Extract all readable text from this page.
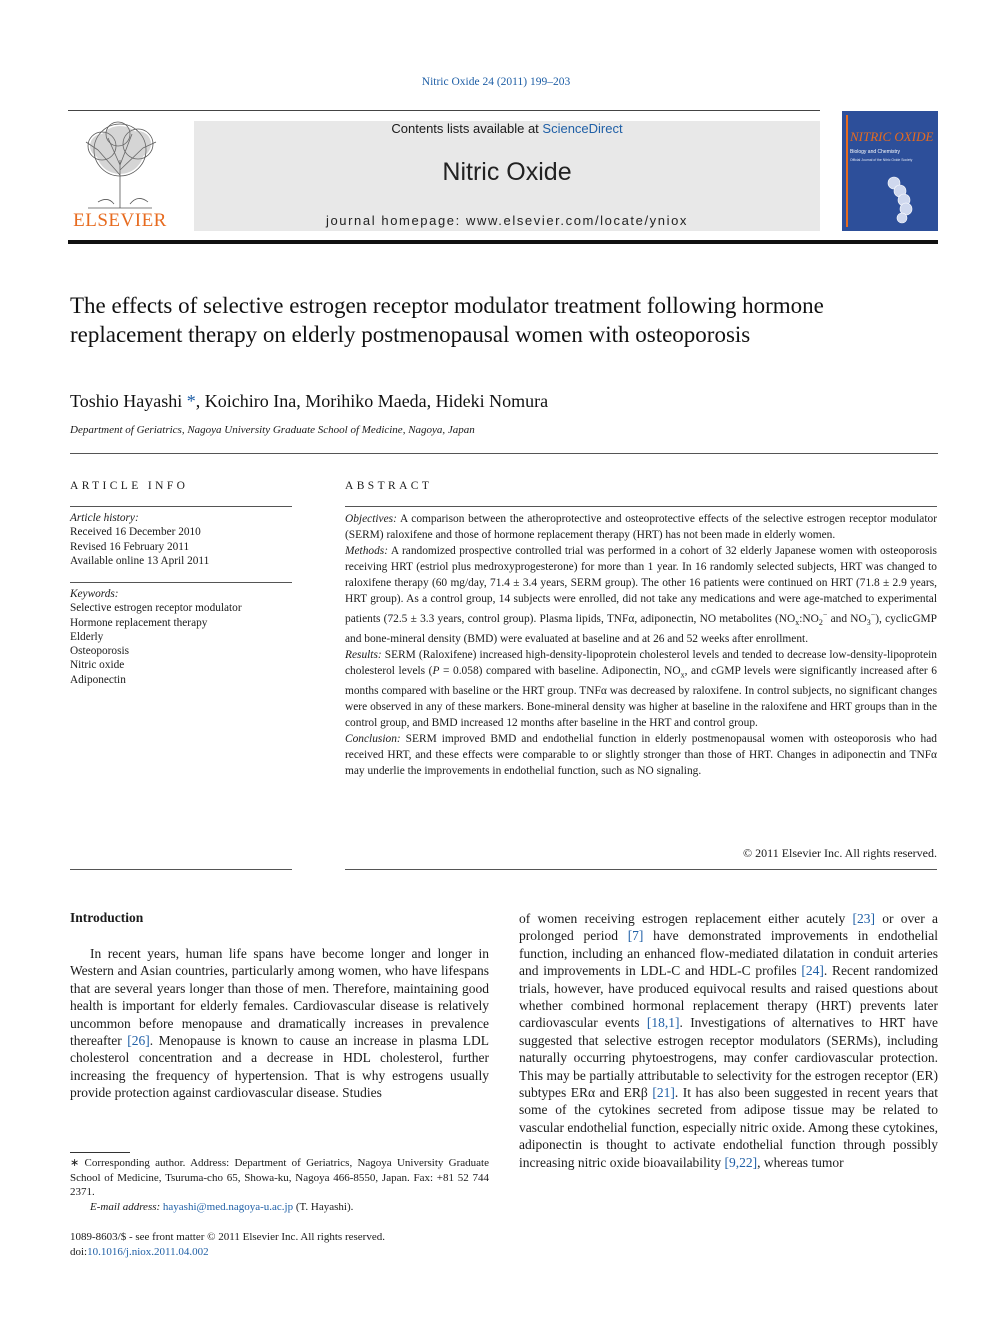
Nitric Oxide 24 (2011) 199–203
ELSEVIER
Contents lists available at ScienceDirect
Nitric Oxide
journal homepage: www.elsevier.com/locate/yniox
NITRIC OXIDE
Biology and Chemistry
Official Journal of the Nitric Oxide Society
The effects of selective estrogen receptor modulator treatment following hormone replacement therapy on elderly postmenopausal women with osteoporosis
Toshio Hayashi *, Koichiro Ina, Morihiko Maeda, Hideki Nomura
Department of Geriatrics, Nagoya University Graduate School of Medicine, Nagoya, Japan
ARTICLE INFO
Article history:
Received 16 December 2010
Revised 16 February 2011
Available online 13 April 2011
Keywords:
Selective estrogen receptor modulator
Hormone replacement therapy
Elderly
Osteoporosis
Nitric oxide
Adiponectin
ABSTRACT

Objectives: A comparison between the atheroprotective and osteoprotective effects of the selective estrogen receptor modulator (SERM) raloxifene and those of hormone replacement therapy (HRT) has not been made in elderly women.

Methods: A randomized prospective controlled trial was performed in a cohort of 32 elderly Japanese women with osteoporosis receiving HRT (estriol plus medroxyprogesterone) for more than 1 year. In 16 randomly selected subjects, HRT was changed to raloxifene therapy (60 mg/day, 71.4 ± 3.4 years, SERM group). The other 16 patients were continued on HRT (71.8 ± 2.9 years, HRT group). As a control group, 14 subjects were enrolled, did not take any medications and were age-matched to experimental patients (72.5 ± 3.3 years, control group). Plasma lipids, TNFα, adiponectin, NO metabolites ($NO_x:NO_2^-$ and $NO_3^-$), cyclicGMP and bone-mineral density (BMD) were evaluated at baseline and at 26 and 52 weeks after enrollment.

Results: SERM (Raloxifene) increased high-density-lipoprotein cholesterol levels and tended to decrease low-density-lipoprotein cholesterol levels (P = 0.058) compared with baseline. Adiponectin, $NO_x$, and cGMP levels were significantly increased after 6 months compared with baseline or the HRT group. TNFα was decreased by raloxifene. In control subjects, no significant changes were observed in any of these markers. Bone-mineral density was higher at baseline in the raloxifene and HRT groups than in the control group, and BMD increased 12 months after baseline in the HRT and control group.

Conclusion: SERM improved BMD and endothelial function in elderly postmenopausal women with osteoporosis who had received HRT, and these effects were comparable to or slightly stronger than those of HRT. Changes in adiponectin and TNFα may underlie the improvements in endothelial function, such as NO signaling.

© 2011 Elsevier Inc. All rights reserved.
Introduction
In recent years, human life spans have become longer and longer in Western and Asian countries, particularly among women, who have lifespans that are several years longer than those of men. Therefore, maintaining good health is important for elderly females. Cardiovascular disease is relatively uncommon before menopause and dramatically increases in prevalence thereafter [26]. Menopause is known to cause an increase in plasma LDL cholesterol concentration and a decrease in HDL cholesterol, further increasing the frequency of hypertension. That is why estrogens usually provide protection against cardiovascular disease. Studies
of women receiving estrogen replacement either acutely [23] or over a prolonged period [7] have demonstrated improvements in endothelial function, including an enhanced flow-mediated dilatation in conduit arteries and improvements in LDL-C and HDL-C profiles [24]. Recent randomized trials, however, have produced equivocal results and raised questions about whether combined hormonal replacement therapy (HRT) prevents later cardiovascular events [18,1]. Investigations of alternatives to HRT have suggested that selective estrogen receptor modulators (SERMs), including naturally occurring phytoestrogens, may confer cardiovascular protection. This may be partially attributable to selectivity for the estrogen receptor (ER) subtypes ERα and ERβ [21]. It has also been suggested in recent years that some of the cytokines secreted from adipose tissue may be related to vascular endothelial function, especially nitric oxide. Among these cytokines, adiponectin is thought to activate endothelial function through possibly increasing nitric oxide bioavailability [9,22], whereas tumor
∗ Corresponding author. Address: Department of Geriatrics, Nagoya University Graduate School of Medicine, Tsuruma-cho 65, Showa-ku, Nagoya 466-8550, Japan. Fax: +81 52 744 2371.
E-mail address: hayashi@med.nagoya-u.ac.jp (T. Hayashi).
1089-8603/$ - see front matter © 2011 Elsevier Inc. All rights reserved.
doi:10.1016/j.niox.2011.04.002
